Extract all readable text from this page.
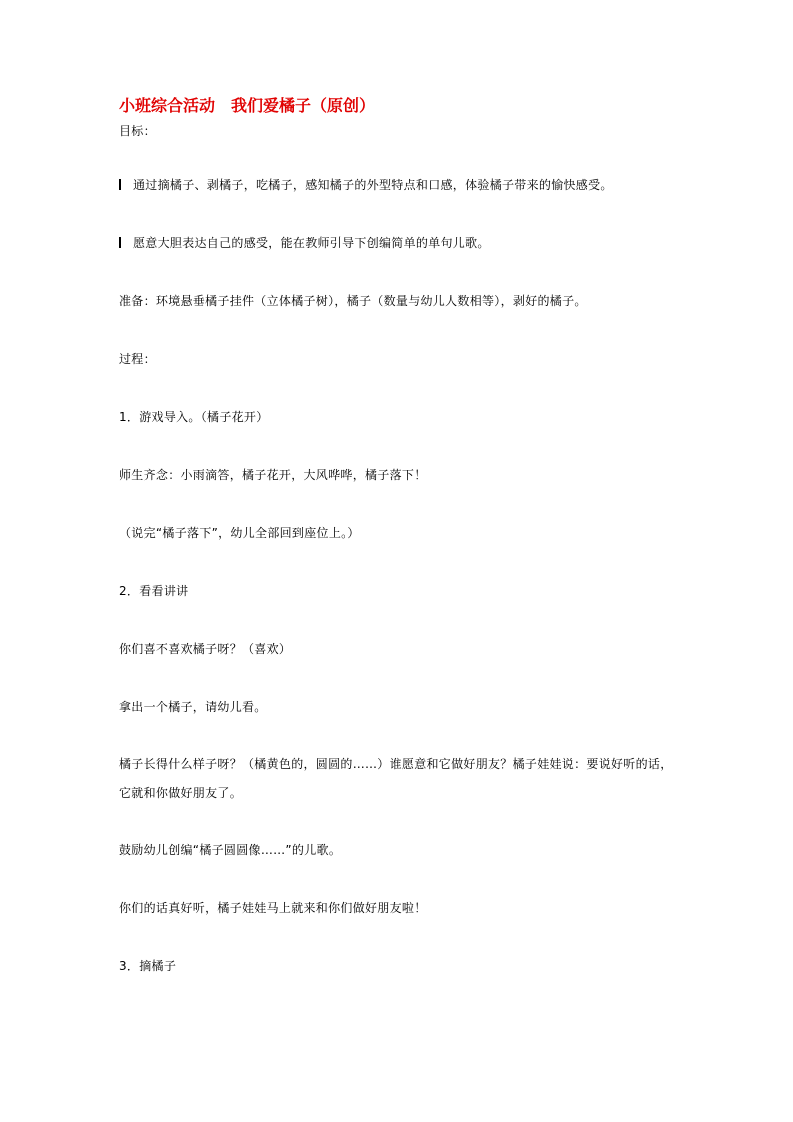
小班综合活动 我们爱橘子（原创）

目标：

通过摘橘子、剥橘子，吃橘子，感知橘子的外型特点和口感，体验橘子带来的愉快感受。

愿意大胆表达自己的感受，能在教师引导下创编简单的单句儿歌。

准备：环境悬垂橘子挂件（立体橘子树），橘子（数量与幼儿人数相等），剥好的橘子。

过程：

1．游戏导入。（橘子花开）

师生齐念：小雨滴答，橘子花开，大风哗哗，橘子落下！

（说完“橘子落下”，幼儿全部回到座位上。）

2．看看讲讲

你们喜不喜欢橘子呀？（喜欢）

拿出一个橘子，请幼儿看。

橘子长得什么样子呀？（橘黄色的，圆圆的……）谁愿意和它做好朋友？橘子娃娃说：要说好听的话，它就和你做好朋友了。

鼓励幼儿创编“橘子圆圆像……”的儿歌。

你们的话真好听，橘子娃娃马上就来和你们做好朋友啦！

3．摘橘子
